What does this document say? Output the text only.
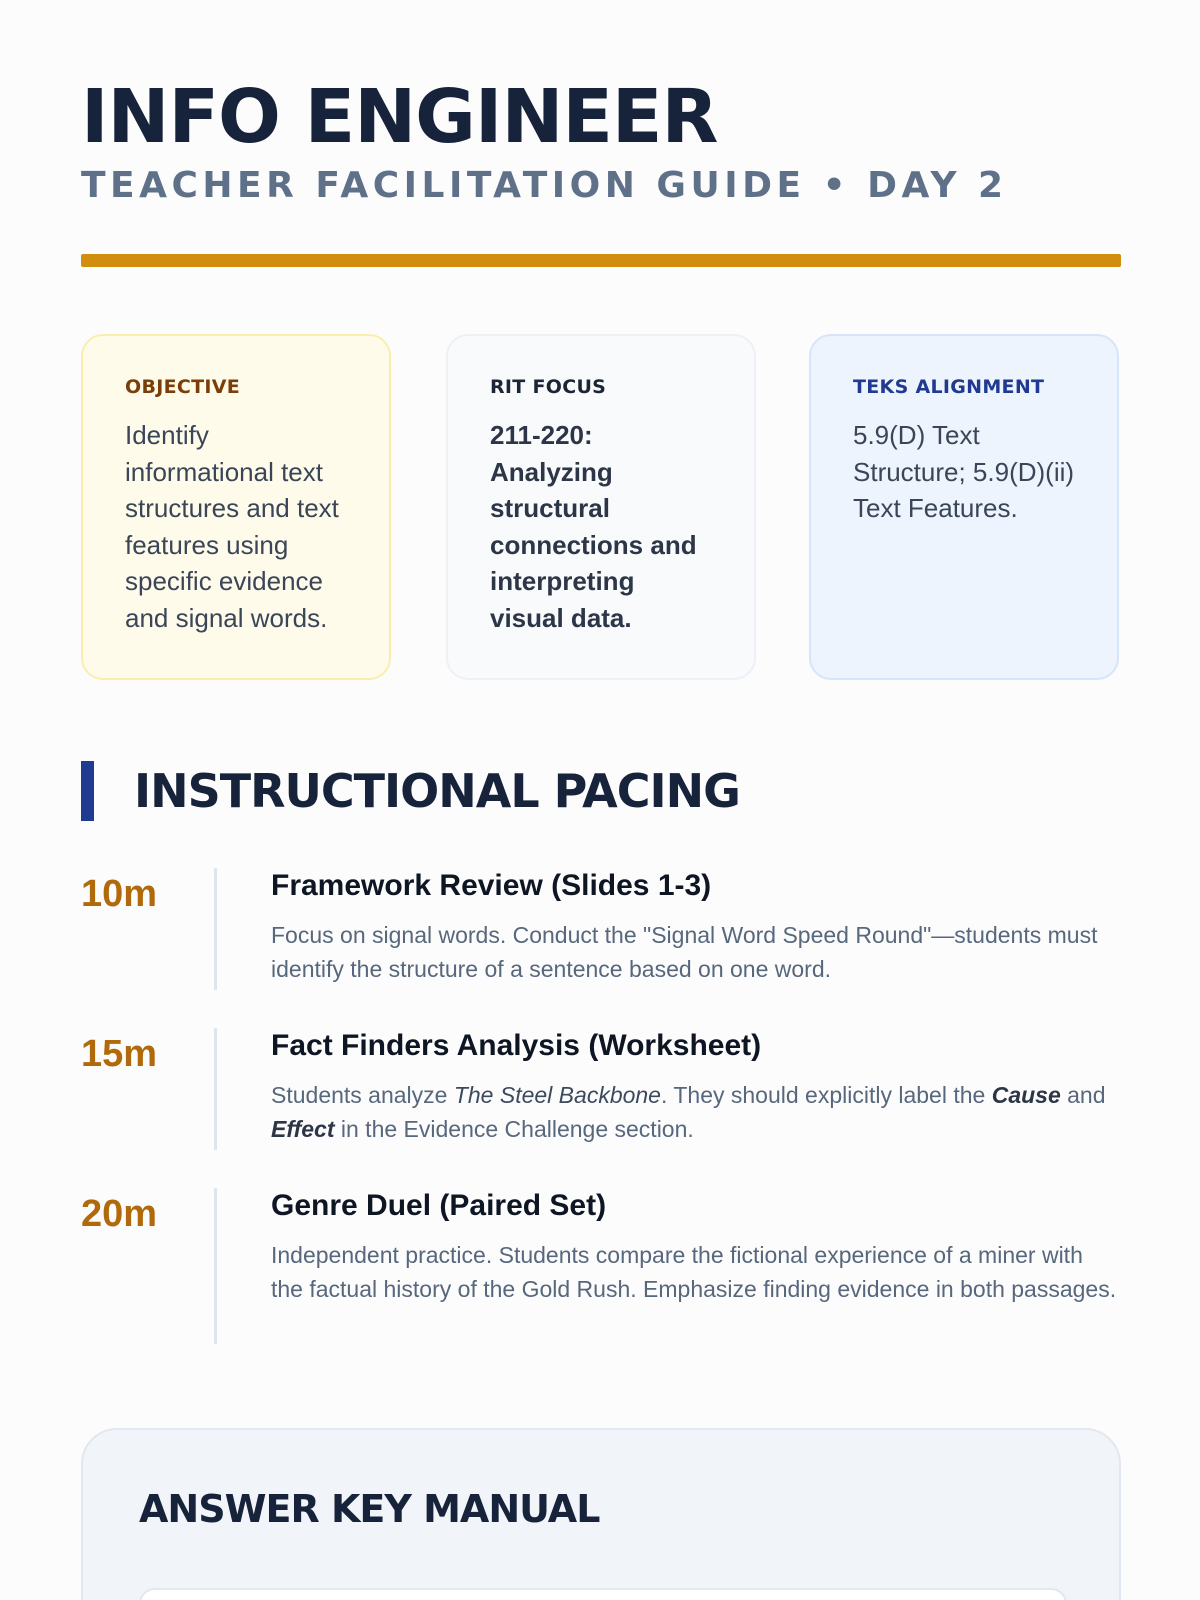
INFO ENGINEER
TEACHER FACILITATION GUIDE • DAY 2
OBJECTIVE
Identify informational text structures and text features using specific evidence and signal words.
RIT FOCUS
211-220: Analyzing structural connections and interpreting visual data.
TEKS ALIGNMENT
5.9(D) Text Structure; 5.9(D)(ii) Text Features.
INSTRUCTIONAL PACING
10m	Framework Review (Slides 1-3)
Focus on signal words. Conduct the "Signal Word Speed Round"—students must identify the structure of a sentence based on one word.
15m	Fact Finders Analysis (Worksheet)
Students analyze The Steel Backbone. They should explicitly label the Cause and Effect in the Evidence Challenge section.
20m	Genre Duel (Paired Set)
Independent practice. Students compare the fictional experience of a miner with the factual history of the Gold Rush. Emphasize finding evidence in both passages.
ANSWER KEY MANUAL
